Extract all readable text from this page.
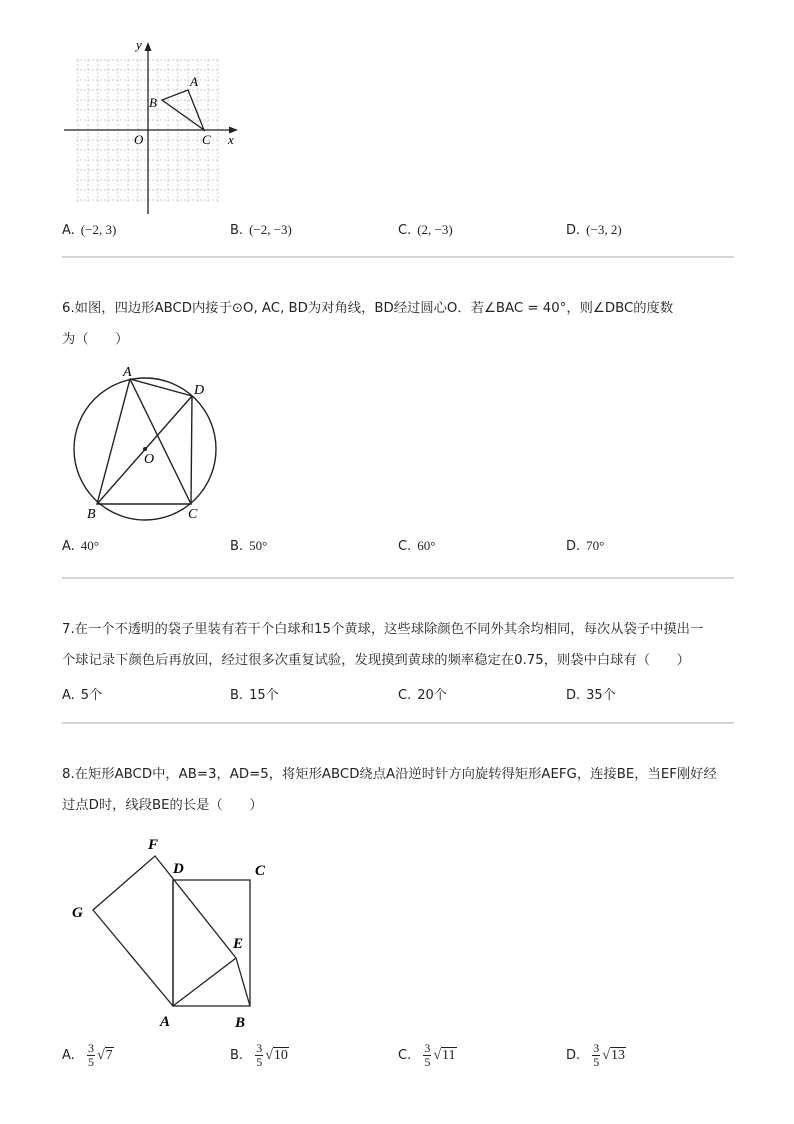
x
y
O
A
B
C
A. (−2, 3)	B. (−2, −3)	C. (2, −3)	D. (−3, 2)
6.如图，四边形ABCD内接于⊙O, AC, BD为对角线，BD经过圆心O．若∠BAC = 40°，则∠DBC的度数
为（　　）
A
D
O
B	C
A. 40°	B. 50°	C. 60°	D. 70°
7.在一个不透明的袋子里装有若干个白球和15个黄球，这些球除颜色不同外其余均相同，每次从袋子中摸出一
个球记录下颜色后再放回，经过很多次重复试验，发现摸到黄球的频率稳定在0.75，则袋中白球有（　　）
A. 5个	B. 15个	C. 20个	D. 35个
8.在矩形ABCD中，AB=3，AD=5，将矩形ABCD绕点A沿逆时针方向旋转得矩形AEFG，连接BE，当EF刚好经
过点D时，线段BE的长是（　　）
F
D	C
G
E
A	B
A. $\frac{3}{5} √7$	B. $\frac{3}{5} √10$	C. $\frac{3}{5} √11$	D. $\frac{3}{5} √13$
